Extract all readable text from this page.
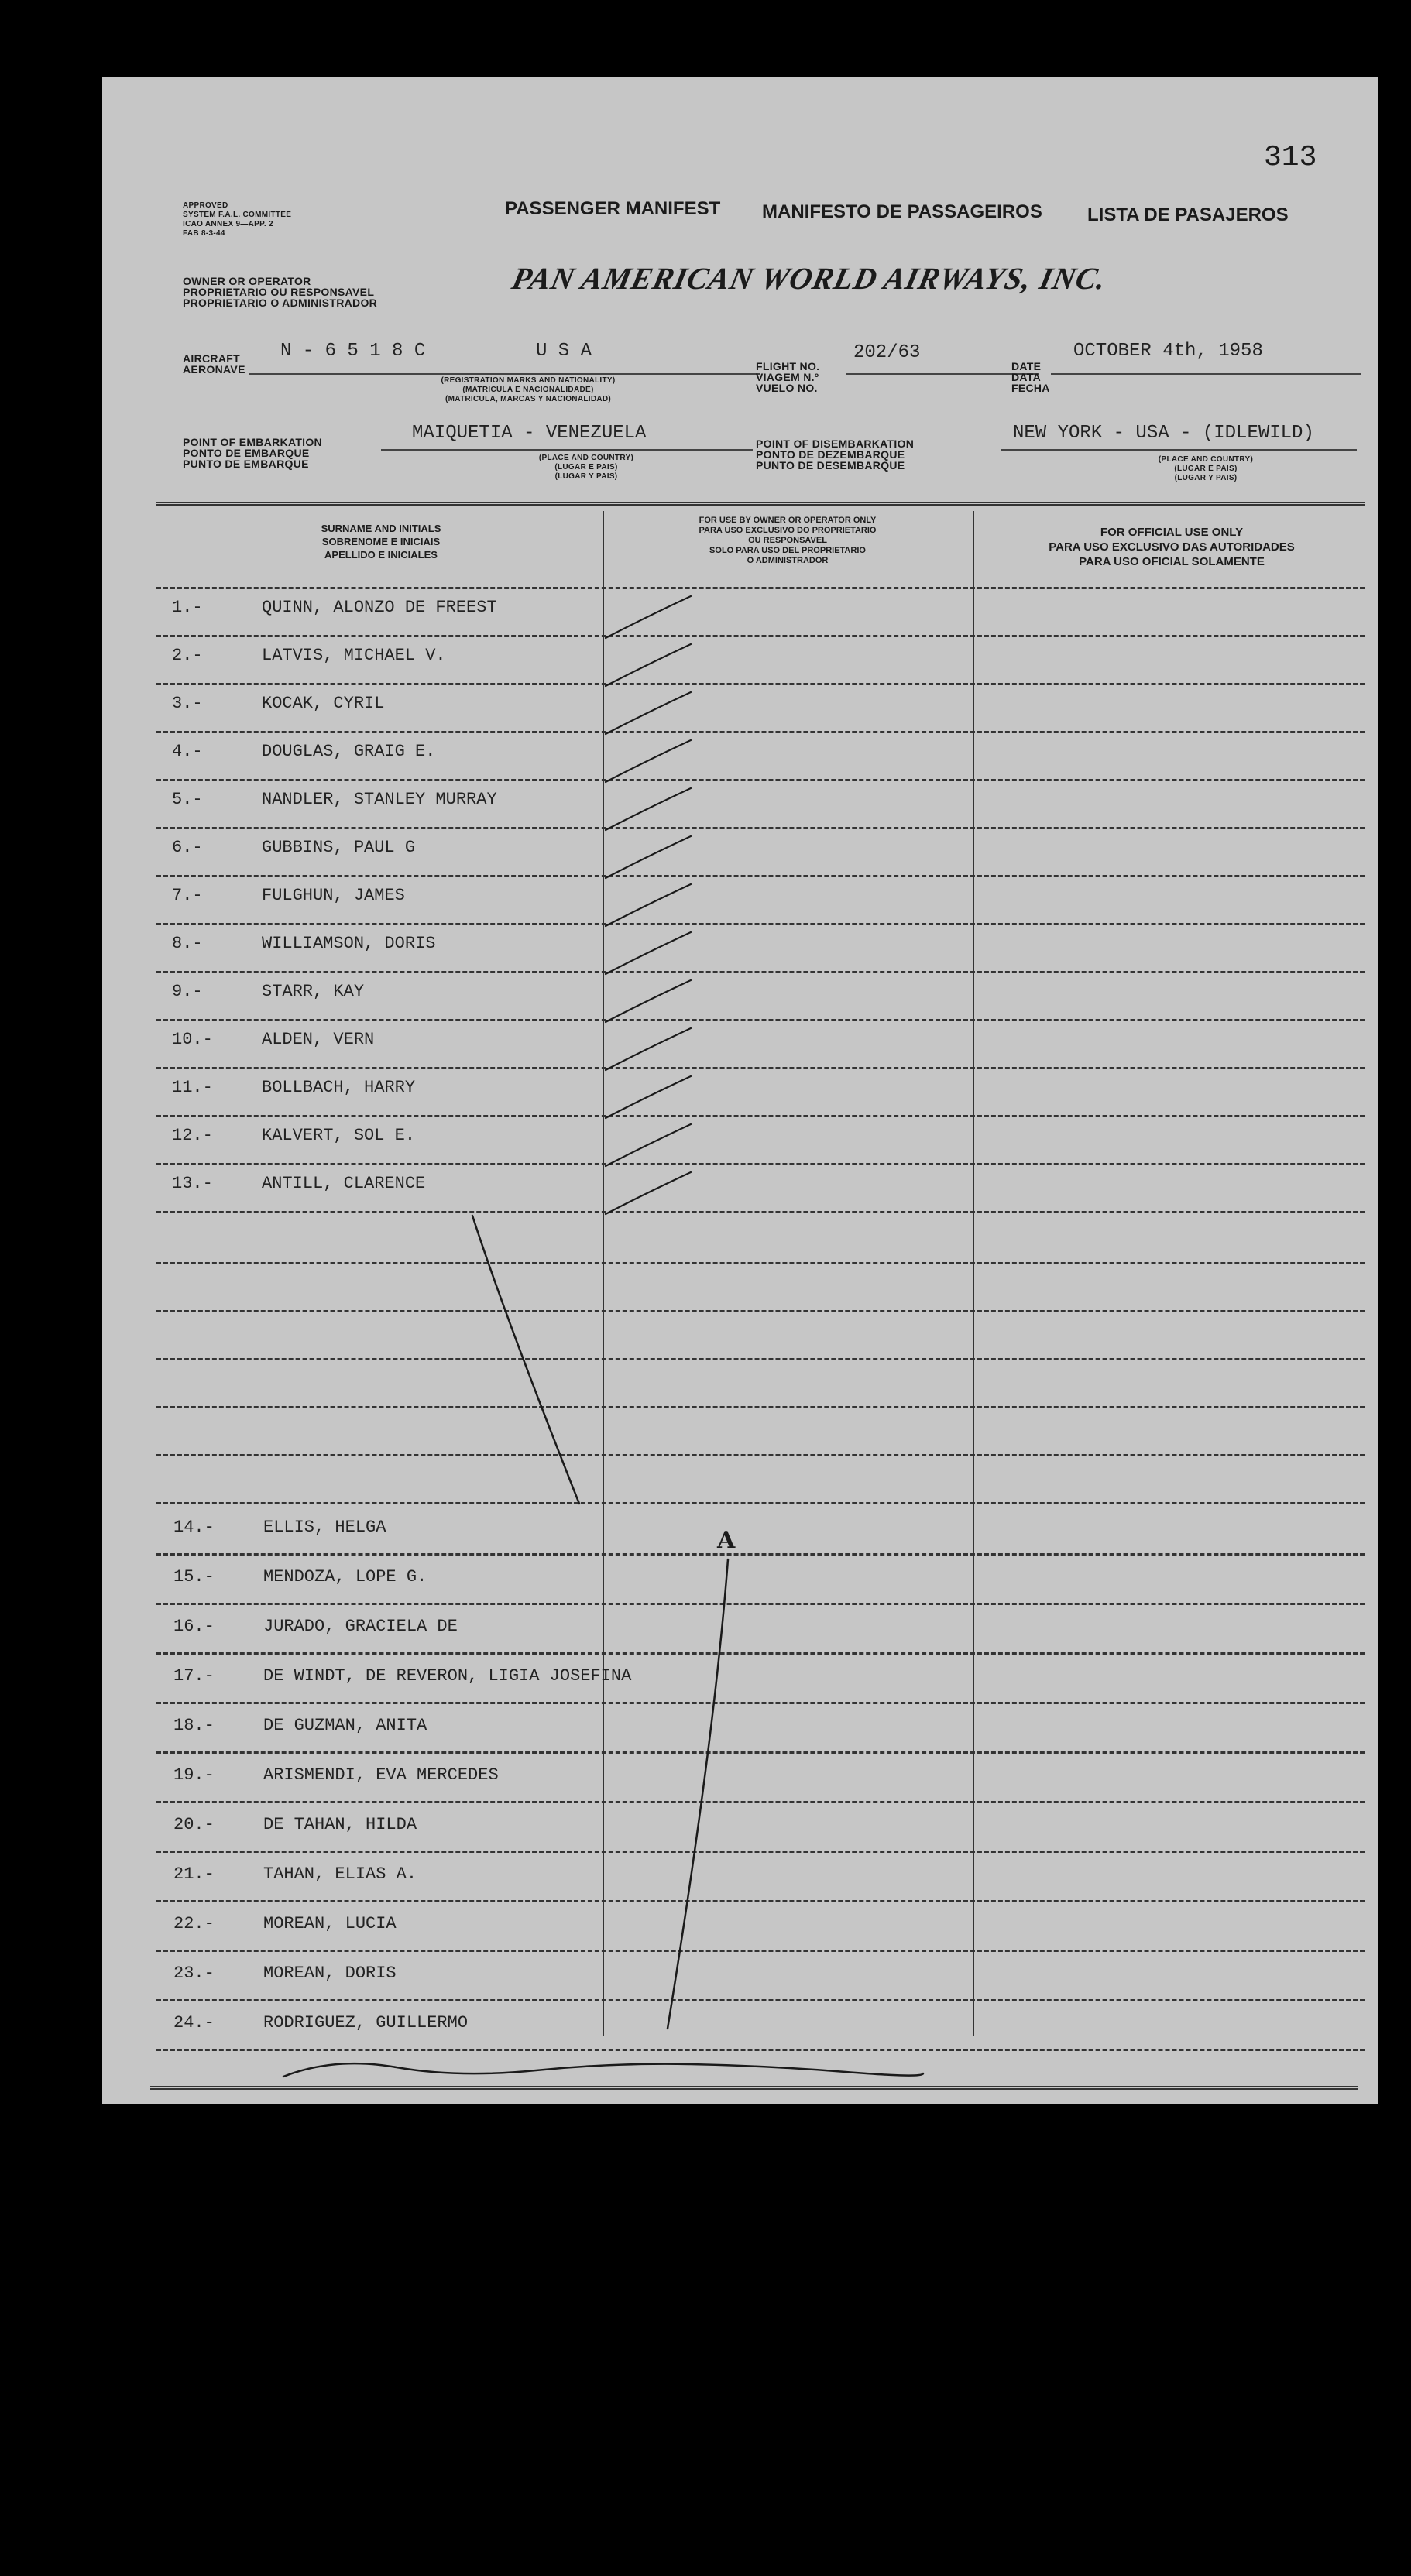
313
APPROVED
SYSTEM F.A.L. COMMITTEE
ICAO ANNEX 9—APP. 2
FAB 8-3-44
PASSENGER MANIFEST MANIFESTO DE PASSAGEIROS LISTA DE PASAJEROS
OWNER OR OPERATOR
PROPRIETARIO OU RESPONSAVEL
PROPRIETARIO O ADMINISTRADOR
PAN AMERICAN WORLD AIRWAYS, INC.
AIRCRAFT
AERONAVE
N - 6 5 1 8 C	U S A
(REGISTRATION MARKS AND NATIONALITY)
(MATRICULA E NACIONALIDADE)
(MATRICULA, MARCAS Y NACIONALIDAD)
FLIGHT NO.
VIAGEM N.º
VUELO NO.
202/63
DATE
DATA
FECHA
OCTOBER 4th, 1958
POINT OF EMBARKATION
PONTO DE EMBARQUE
PUNTO DE EMBARQUE
MAIQUETIA - VENEZUELA
(PLACE AND COUNTRY)
(LUGAR E PAIS)
(LUGAR Y PAIS)
POINT OF DISEMBARKATION
PONTO DE DEZEMBARQUE
PUNTO DE DESEMBARQUE
NEW YORK - USA - (IDLEWILD)
(PLACE AND COUNTRY)
(LUGAR E PAIS)
(LUGAR Y PAIS)
SURNAME AND INITIALS
SOBRENOME E INICIAIS
APELLIDO E INICIALES
FOR USE BY OWNER OR OPERATOR ONLY
PARA USO EXCLUSIVO DO PROPRIETARIO
OU RESPONSAVEL
SOLO PARA USO DEL PROPRIETARIO
O ADMINISTRADOR
FOR OFFICIAL USE ONLY
PARA USO EXCLUSIVO DAS AUTORIDADES
PARA USO OFICIAL SOLAMENTE
1.-	QUINN, ALONZO DE FREEST
2.-	LATVIS, MICHAEL V.
3.-	KOCAK, CYRIL
4.-	DOUGLAS, GRAIG E.
5.-	NANDLER, STANLEY MURRAY
6.-	GUBBINS, PAUL G
7.-	FULGHUN, JAMES
8.-	WILLIAMSON, DORIS
9.-	STARR, KAY
10.-	ALDEN, VERN
11.-	BOLLBACH, HARRY
12.-	KALVERT, SOL E.
13.-	ANTILL, CLARENCE
14.-	ELLIS, HELGA
15.-	MENDOZA, LOPE G.
16.-	JURADO, GRACIELA DE
17.-	DE WINDT, DE REVERON, LIGIA JOSEFINA
18.-	DE GUZMAN, ANITA
19.-	ARISMENDI, EVA MERCEDES
20.-	DE TAHAN, HILDA
21.-	TAHAN, ELIAS A.
22.-	MOREAN, LUCIA
23.-	MOREAN, DORIS
24.-	RODRIGUEZ, GUILLERMO
A
